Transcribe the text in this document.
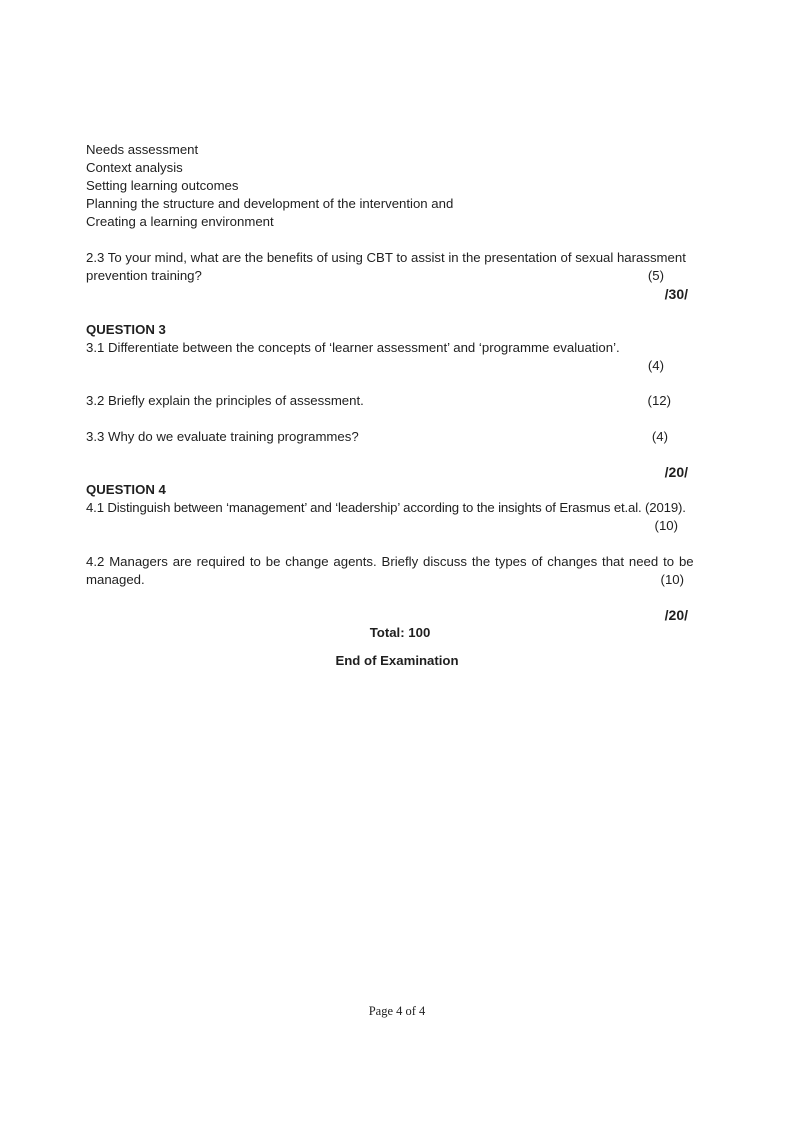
Needs assessment
Context analysis
Setting learning outcomes
Planning the structure and development of the intervention and
Creating a learning environment
2.3 To your mind, what are the benefits of using CBT to assist in the presentation of sexual harassment
prevention training?	(5)
/30/
QUESTION 3
3.1 Differentiate between the concepts of ‘learner assessment’ and ‘programme evaluation’.
(4)
3.2 Briefly explain the principles of assessment.	(12)
3.3 Why do we evaluate training programmes?	(4)
/20/
QUESTION 4
4.1 Distinguish between ‘management’ and ‘leadership’ according to the insights of Erasmus et.al. (2019).
(10)
4.2 Managers are required to be change agents. Briefly discuss the types of changes that need to be
managed.	(10)
/20/
Total: 100
End of Examination
Page 4 of 4
